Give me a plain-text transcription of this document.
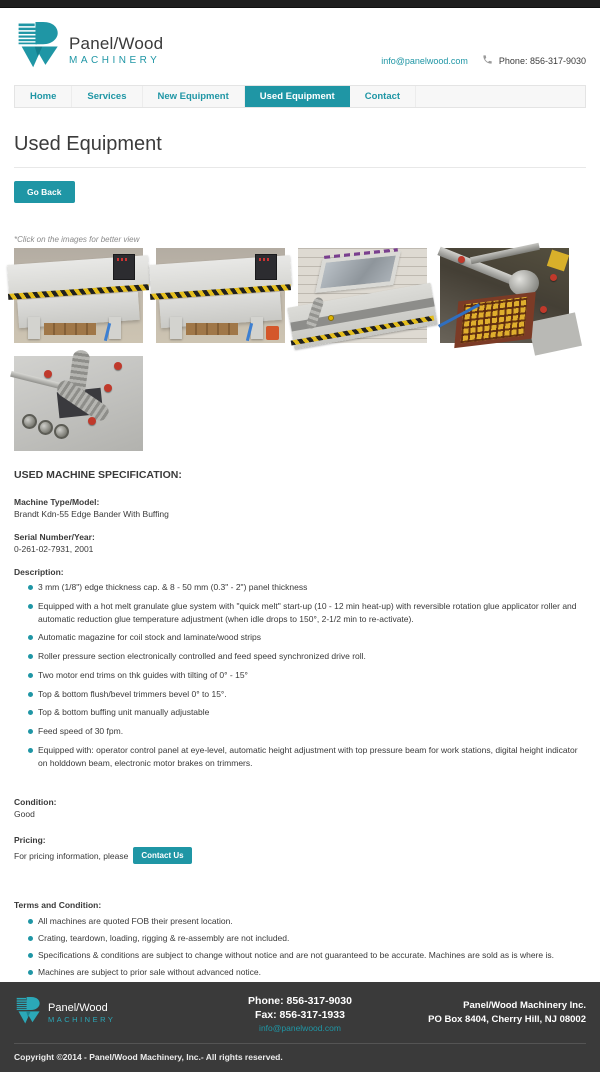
Panel/Wood
MACHINERY	info@panelwood.com	Phone: 856-317-9030
Home	Services	New Equipment	Used Equipment	Contact
Used Equipment
Go Back
*Click on the images for better view
USED MACHINE SPECIFICATION:
Machine Type/Model:
Brandt Kdn-55 Edge Bander With Buffing
Serial Number/Year:
0-261-02-7931, 2001
Description:
3 mm (1/8") edge thickness cap. & 8 - 50 mm (0.3" - 2") panel thickness
Equipped with a hot melt granulate glue system with "quick melt" start-up (10 - 12 min heat-up) with reversible rotation glue applicator roller and automatic reduction glue temperature adjustment (when idle drops to 150°, 2-1/2 min to re-activate).
Automatic magazine for coil stock and laminate/wood strips
Roller pressure section electronically controlled and feed speed synchronized drive roll.
Two motor end trims on thk guides with tilting of 0° - 15°
Top & bottom flush/bevel trimmers bevel 0° to 15°.
Top & bottom buffing unit manually adjustable
Feed speed of 30 fpm.
Equipped with: operator control panel at eye-level, automatic height adjustment with top pressure beam for work stations, digital height indicator on holddown beam, electronic motor brakes on trimmers.
Condition:
Good
Pricing:
For pricing information, please	Contact Us
Terms and Condition:
All machines are quoted FOB their present location.
Crating, teardown, loading, rigging & re-assembly are not included.
Specifications & conditions are subject to change without notice and are not guaranteed to be accurate. Machines are sold as is where is.
Machines are subject to prior sale without advanced notice.
Panel/Wood
MACHINERY
Phone: 856-317-9030
Fax: 856-317-1933
info@panelwood.com
Panel/Wood Machinery Inc.
PO Box 8404, Cherry Hill, NJ 08002
Copyright ©2014 - Panel/Wood Machinery, Inc.- All rights reserved.
